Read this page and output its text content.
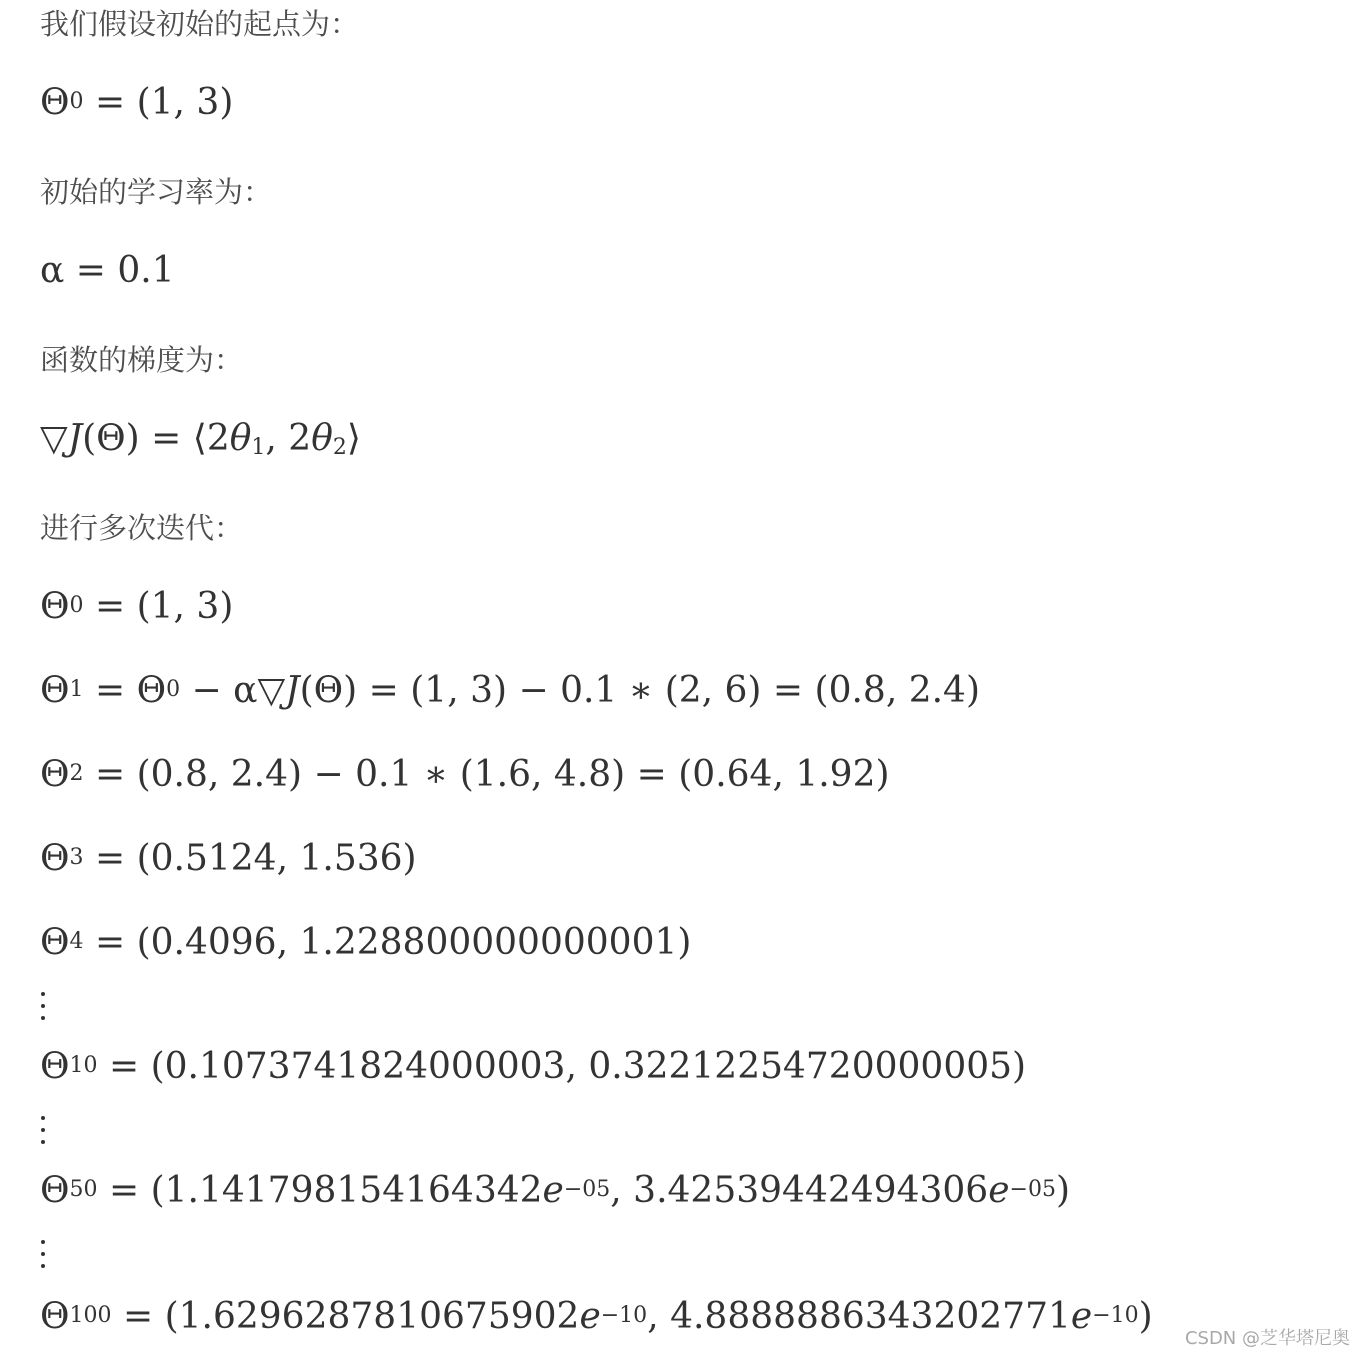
我们假设初始的起点为：
$\Theta^0 = (1$, 3)
初始的学习率为：
α = 0.1
函数的梯度为：
▽J(Θ) = $⟨2\theta_1$, $2\theta_2⟩$
进行多次迭代：
$\Theta^0 = (1$, 3)
$\Theta^1 = \Theta^0$ − α▽J(Θ) = (1, 3) − 0.1 ∗ (2, 6) = (0.8, 2.4)
$\Theta^2 = (0.8$, 2.4) − 0.1 ∗ (1.6, 4.8) = (0.64, 1.92)
$\Theta^3 = (0.5124$, 1.536)
$\Theta^4 = (0.4096$, 1.228800000000001)
$\Theta^{10} = (0.1073741824000003$, 0.32212254720000005)
$\Theta^{50} = (1.141798154164342e^{-05}$, $3.42539442494306e^{-05}$)
$\Theta^{100} = (1.6296287810675902e^{-10}$, $4.8888886343202771e^{-10}$)
CSDN @芝华塔尼奥
